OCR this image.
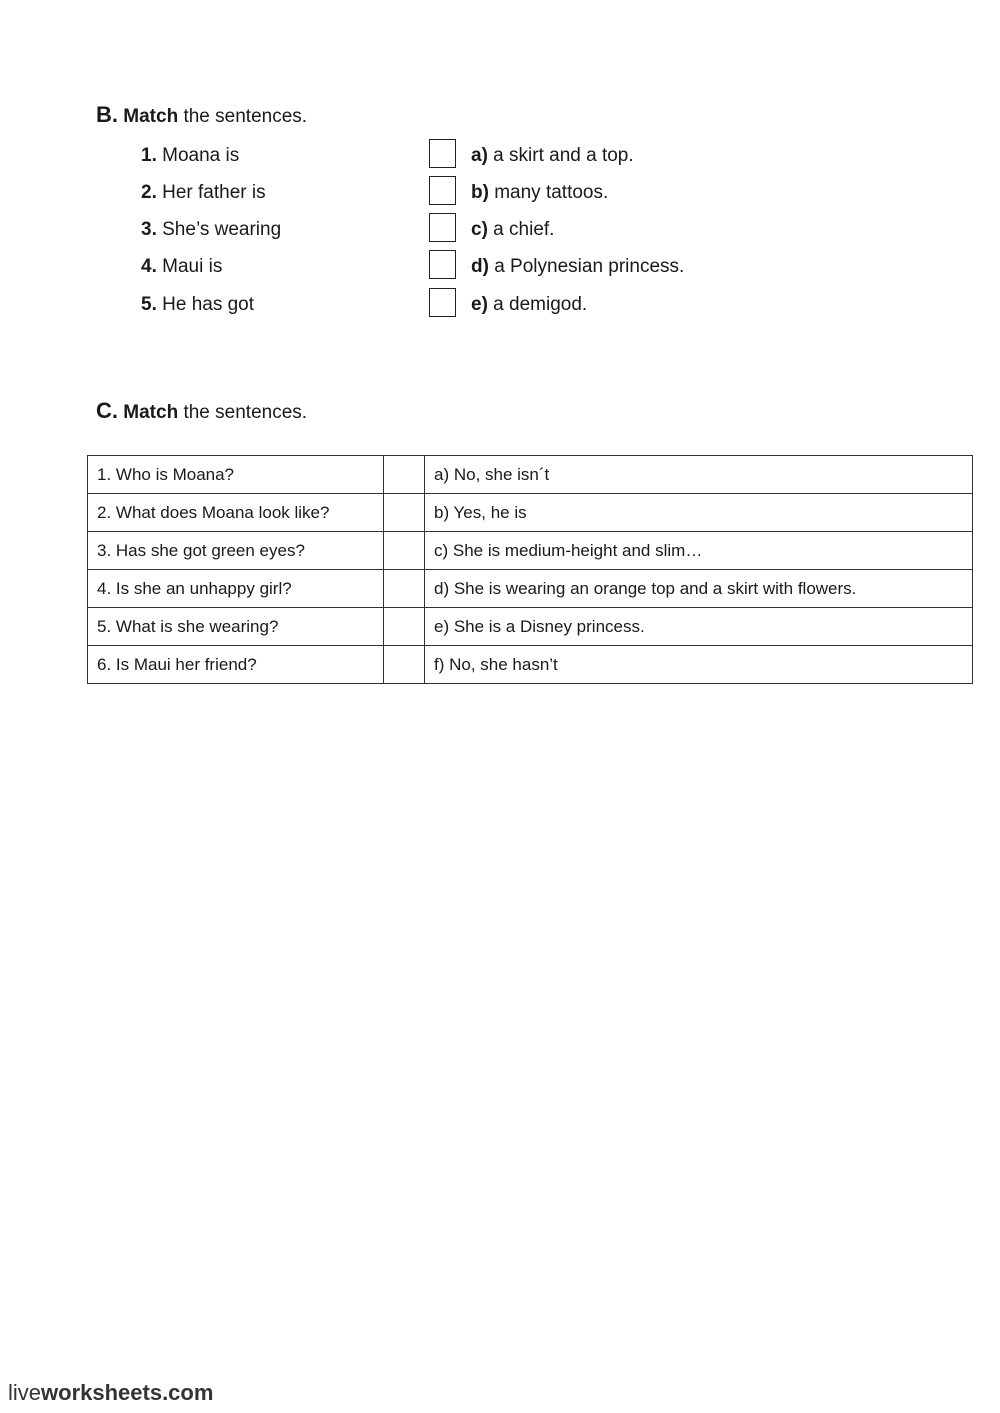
B. Match the sentences.
1. Moana is	a) a skirt and a top.
2. Her father is	b) many tattoos.
3. She’s wearing	c) a chief.
4. Maui is	d) a Polynesian princess.
5. He has got	e) a demigod.
C. Match the sentences.
1. Who is Moana?		a) No, she isn´t
2. What does Moana look like?		b) Yes, he is
3. Has she got green eyes?		c) She is medium-height and slim…
4. Is she an unhappy girl?		d) She is wearing an orange top and a skirt with flowers.
5. What is she wearing?		e) She is a Disney princess.
6. Is Maui her friend?		f) No, she hasn’t
liveworksheets.com
